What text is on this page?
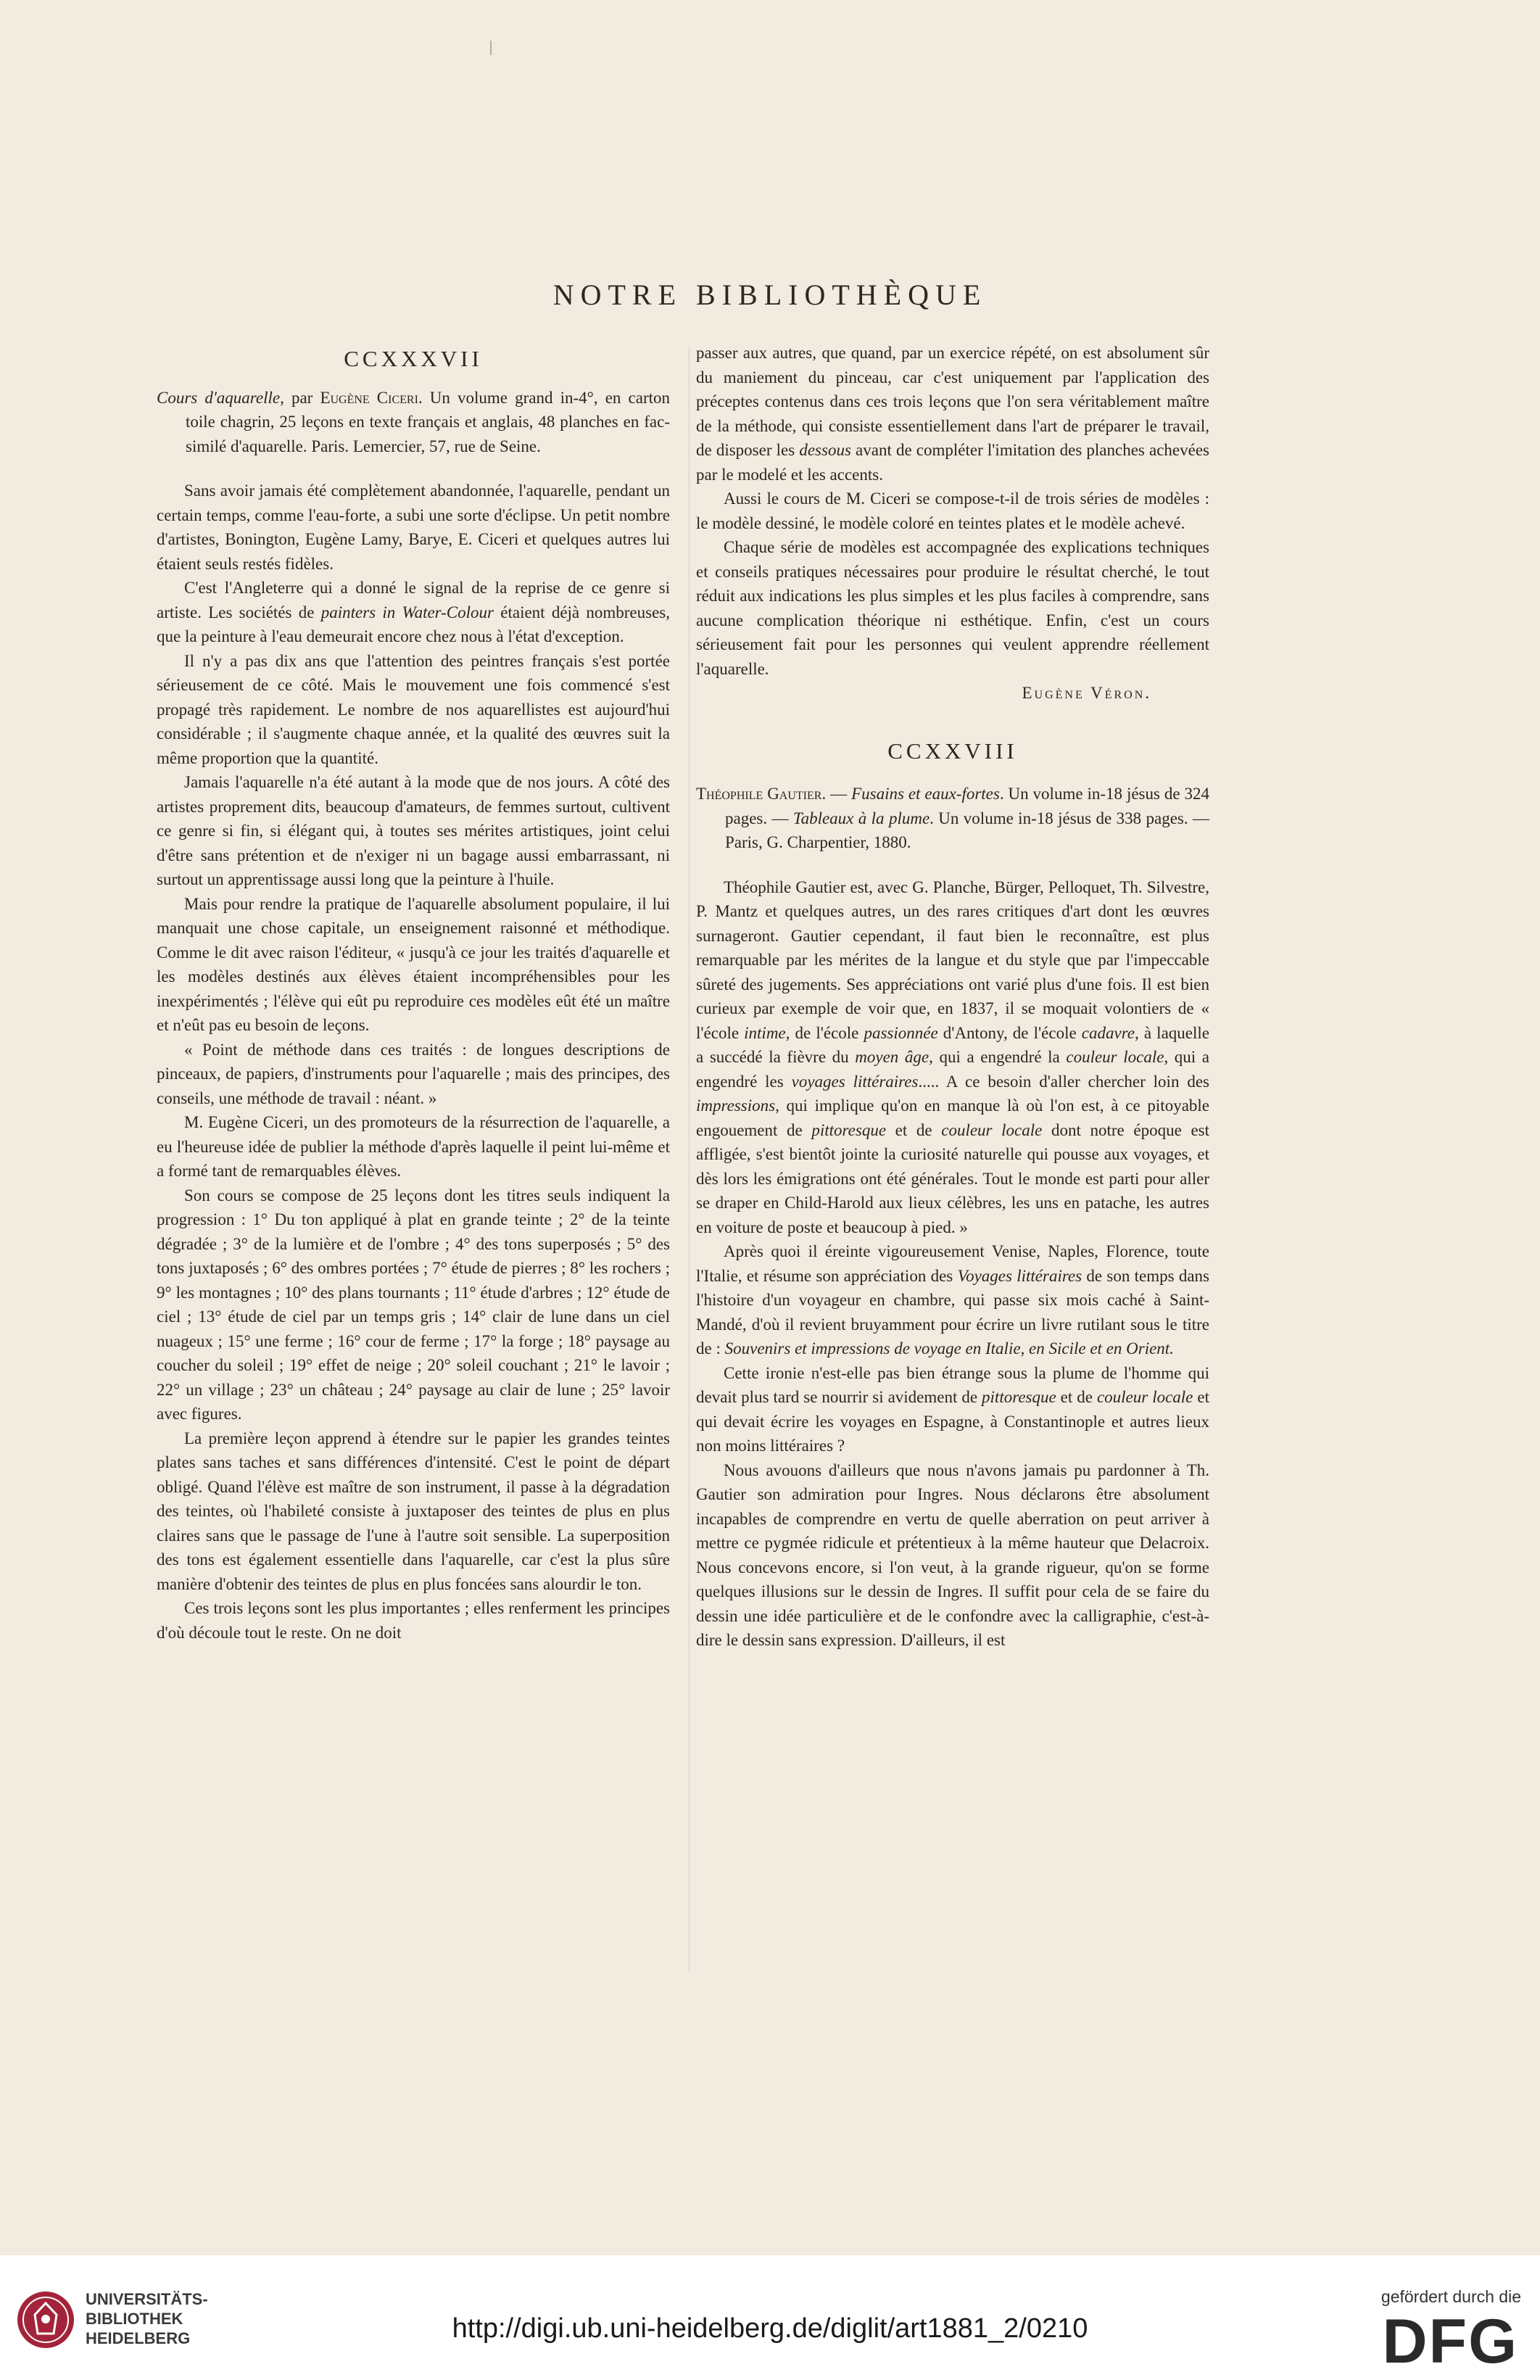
NOTRE BIBLIOTHÈQUE
CCXXXVII

Cours d'aquarelle, par Eugène Ciceri. Un volume grand in-4°, en carton toile chagrin, 25 leçons en texte français et anglais, 48 planches en fac-similé d'aquarelle. Paris. Lemercier, 57, rue de Seine.

Sans avoir jamais été complètement abandonnée, l'aquarelle, pendant un certain temps, comme l'eau-forte, a subi une sorte d'éclipse. Un petit nombre d'artistes, Bonington, Eugène Lamy, Barye, E. Ciceri et quelques autres lui étaient seuls restés fidèles.

C'est l'Angleterre qui a donné le signal de la reprise de ce genre si artiste. Les sociétés de painters in Water-Colour étaient déjà nombreuses, que la peinture à l'eau demeurait encore chez nous à l'état d'exception.

Il n'y a pas dix ans que l'attention des peintres français s'est portée sérieusement de ce côté. Mais le mouvement une fois commencé s'est propagé très rapidement. Le nombre de nos aquarellistes est aujourd'hui considérable ; il s'augmente chaque année, et la qualité des œuvres suit la même proportion que la quantité.

Jamais l'aquarelle n'a été autant à la mode que de nos jours. A côté des artistes proprement dits, beaucoup d'amateurs, de femmes surtout, cultivent ce genre si fin, si élégant qui, à toutes ses mérites artistiques, joint celui d'être sans prétention et de n'exiger ni un bagage aussi embarrassant, ni surtout un apprentissage aussi long que la peinture à l'huile.

Mais pour rendre la pratique de l'aquarelle absolument populaire, il lui manquait une chose capitale, un enseignement raisonné et méthodique. Comme le dit avec raison l'éditeur, « jusqu'à ce jour les traités d'aquarelle et les modèles destinés aux élèves étaient incompréhensibles pour les inexpérimentés ; l'élève qui eût pu reproduire ces modèles eût été un maître et n'eût pas eu besoin de leçons.

« Point de méthode dans ces traités : de longues descriptions de pinceaux, de papiers, d'instruments pour l'aquarelle ; mais des principes, des conseils, une méthode de travail : néant. »

M. Eugène Ciceri, un des promoteurs de la résurrection de l'aquarelle, a eu l'heureuse idée de publier la méthode d'après laquelle il peint lui-même et a formé tant de remarquables élèves.

Son cours se compose de 25 leçons dont les titres seuls indiquent la progression : 1° Du ton appliqué à plat en grande teinte ; 2° de la teinte dégradée ; 3° de la lumière et de l'ombre ; 4° des tons superposés ; 5° des tons juxtaposés ; 6° des ombres portées ; 7° étude de pierres ; 8° les rochers ; 9° les montagnes ; 10° des plans tournants ; 11° étude d'arbres ; 12° étude de ciel ; 13° étude de ciel par un temps gris ; 14° clair de lune dans un ciel nuageux ; 15° une ferme ; 16° cour de ferme ; 17° la forge ; 18° paysage au coucher du soleil ; 19° effet de neige ; 20° soleil couchant ; 21° le lavoir ; 22° un village ; 23° un château ; 24° paysage au clair de lune ; 25° lavoir avec figures.

La première leçon apprend à étendre sur le papier les grandes teintes plates sans taches et sans différences d'intensité. C'est le point de départ obligé. Quand l'élève est maître de son instrument, il passe à la dégradation des teintes, où l'habileté consiste à juxtaposer des teintes de plus en plus claires sans que le passage de l'une à l'autre soit sensible. La superposition des tons est également essentielle dans l'aquarelle, car c'est la plus sûre manière d'obtenir des teintes de plus en plus foncées sans alourdir le ton.

Ces trois leçons sont les plus importantes ; elles renferment les principes d'où découle tout le reste. On ne doit

passer aux autres, que quand, par un exercice répété, on est absolument sûr du maniement du pinceau, car c'est uniquement par l'application des préceptes contenus dans ces trois leçons que l'on sera véritablement maître de la méthode, qui consiste essentiellement dans l'art de préparer le travail, de disposer les dessous avant de compléter l'imitation des planches achevées par le modelé et les accents.

Aussi le cours de M. Ciceri se compose-t-il de trois séries de modèles : le modèle dessiné, le modèle coloré en teintes plates et le modèle achevé.

Chaque série de modèles est accompagnée des explications techniques et conseils pratiques nécessaires pour produire le résultat cherché, le tout réduit aux indications les plus simples et les plus faciles à comprendre, sans aucune complication théorique ni esthétique. Enfin, c'est un cours sérieusement fait pour les personnes qui veulent apprendre réellement l'aquarelle.

Eugène Véron.

CCXXVIII

Théophile Gautier. — Fusains et eaux-fortes. Un volume in-18 jésus de 324 pages. — Tableaux à la plume. Un volume in-18 jésus de 338 pages. — Paris, G. Charpentier, 1880.

Théophile Gautier est, avec G. Planche, Bürger, Pelloquet, Th. Silvestre, P. Mantz et quelques autres, un des rares critiques d'art dont les œuvres surnageront. Gautier cependant, il faut bien le reconnaître, est plus remarquable par les mérites de la langue et du style que par l'impeccable sûreté des jugements. Ses appréciations ont varié plus d'une fois. Il est bien curieux par exemple de voir que, en 1837, il se moquait volontiers de « l'école intime, de l'école passionnée d'Antony, de l'école cadavre, à laquelle a succédé la fièvre du moyen âge, qui a engendré la couleur locale, qui a engendré les voyages littéraires..... A ce besoin d'aller chercher loin des impressions, qui implique qu'on en manque là où l'on est, à ce pitoyable engouement de pittoresque et de couleur locale dont notre époque est affligée, s'est bientôt jointe la curiosité naturelle qui pousse aux voyages, et dès lors les émigrations ont été générales. Tout le monde est parti pour aller se draper en Child-Harold aux lieux célèbres, les uns en patache, les autres en voiture de poste et beaucoup à pied. »

Après quoi il éreinte vigoureusement Venise, Naples, Florence, toute l'Italie, et résume son appréciation des Voyages littéraires de son temps dans l'histoire d'un voyageur en chambre, qui passe six mois caché à Saint-Mandé, d'où il revient bruyamment pour écrire un livre rutilant sous le titre de : Souvenirs et impressions de voyage en Italie, en Sicile et en Orient.

Cette ironie n'est-elle pas bien étrange sous la plume de l'homme qui devait plus tard se nourrir si avidement de pittoresque et de couleur locale et qui devait écrire les voyages en Espagne, à Constantinople et autres lieux non moins littéraires ?

Nous avouons d'ailleurs que nous n'avons jamais pu pardonner à Th. Gautier son admiration pour Ingres. Nous déclarons être absolument incapables de comprendre en vertu de quelle aberration on peut arriver à mettre ce pygmée ridicule et prétentieux à la même hauteur que Delacroix. Nous concevons encore, si l'on veut, à la grande rigueur, qu'on se forme quelques illusions sur le dessin de Ingres. Il suffit pour cela de se faire du dessin une idée particulière et de le confondre avec la calligraphie, c'est-à-dire le dessin sans expression. D'ailleurs, il est

UNIVERSITÄTS-
BIBLIOTHEK
HEIDELBERG	http://digi.ub.uni-heidelberg.de/diglit/art1881_2/0210
gefördert durch die
DFG
